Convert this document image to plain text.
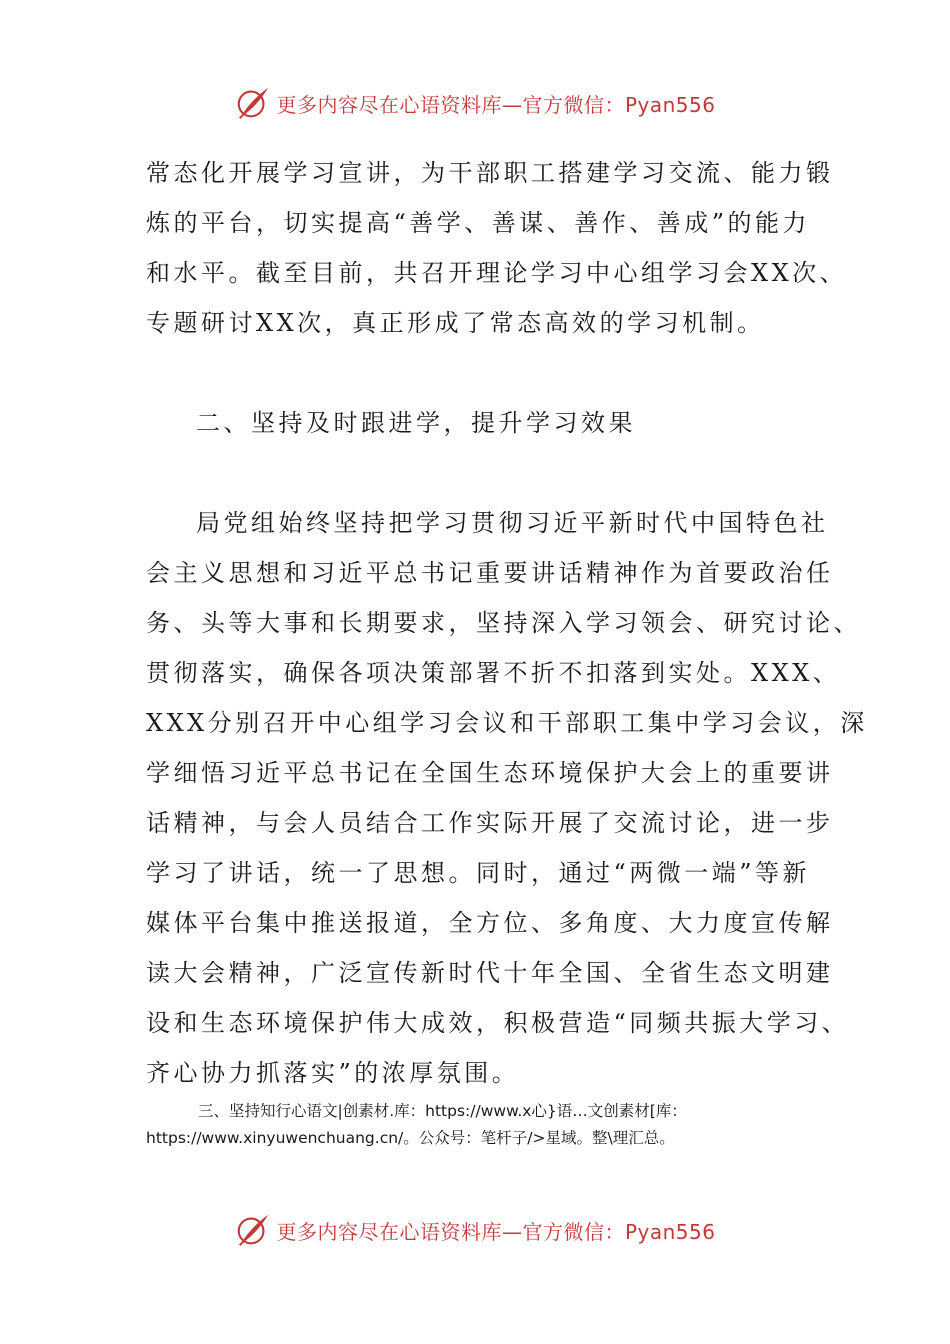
更多内容尽在心语资料库—官方微信：Pyan556
常态化开展学习宣讲，为干部职工搭建学习交流、能力锻
炼的平台，切实提高“善学、善谋、善作、善成”的能力
和水平。截至目前，共召开理论学习中心组学习会XX次、
专题研讨XX次，真正形成了常态高效的学习机制。
二、坚持及时跟进学，提升学习效果
局党组始终坚持把学习贯彻习近平新时代中国特色社
会主义思想和习近平总书记重要讲话精神作为首要政治任
务、头等大事和长期要求，坚持深入学习领会、研究讨论、
贯彻落实，确保各项决策部署不折不扣落到实处。XXX、
XXX分别召开中心组学习会议和干部职工集中学习会议，深
学细悟习近平总书记在全国生态环境保护大会上的重要讲
话精神，与会人员结合工作实际开展了交流讨论，进一步
学习了讲话，统一了思想。同时，通过“两微一端”等新
媒体平台集中推送报道，全方位、多角度、大力度宣传解
读大会精神，广泛宣传新时代十年全国、全省生态文明建
设和生态环境保护伟大成效，积极营造“同频共振大学习、
齐心协力抓落实”的浓厚氛围。
三、坚持知行心语文|创素材.库：https://www.x心}语…文创素材[库：
https://www.xinyuwenchuang.cn/。公众号：笔杆子/>星域。整\理汇总。
更多内容尽在心语资料库—官方微信：Pyan556
